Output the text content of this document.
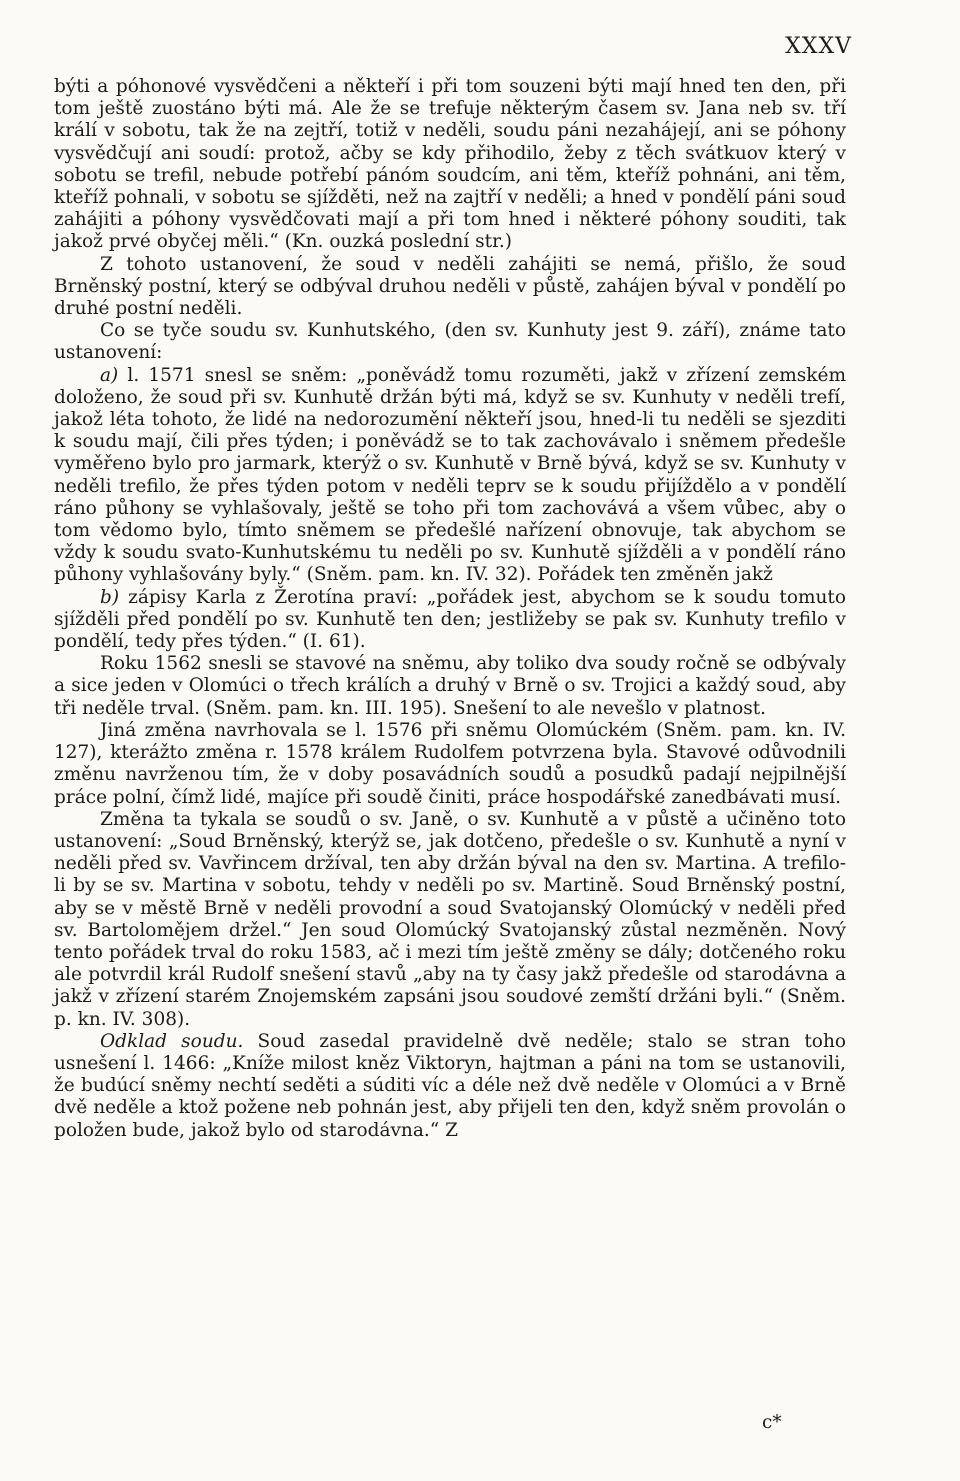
XXXV

býti a póhonové vysvědčeni a někteří i při tom souzeni býti mají hned ten den, při tom ještě zuostáno býti má. Ale že se trefuje některým časem sv. Jana neb sv. tří králí v sobotu, tak že na zejtří, totiž v neděli, soudu páni nezahájejí, ani se póhony vysvědčují ani soudí: protož, ačby se kdy přihodilo, žeby z těch svátkuov který v sobotu se trefil, nebude potřebí pánóm soudcím, ani těm, kteříž pohnáni, ani těm, kteříž pohnali, v sobotu se sjížděti, než na zajtří v neděli; a hned v pondělí páni soud zahájiti a póhony vysvědčovati mají a při tom hned i některé póhony souditi, tak jakož prvé obyčej měli.“ (Kn. ouzká poslední str.)

Z tohoto ustanovení, že soud v neděli zahájiti se nemá, přišlo, že soud Brněnský postní, který se odbýval druhou neděli v půstě, zahájen býval v pondělí po druhé postní neděli.

Co se tyče soudu sv. Kunhutského, (den sv. Kunhuty jest 9. září), známe tato ustanovení:

a) l. 1571 snesl se sněm: „poněvádž tomu rozuměti, jakž v zřízení zemském doloženo, že soud při sv. Kunhutě držán býti má, když se sv. Kunhuty v neděli trefí, jakož léta tohoto, že lidé na nedorozumění někteří jsou, hned-li tu neděli se sjezditi k soudu mají, čili přes týden; i poněvádž se to tak zachovávalo i sněmem předešle vyměřeno bylo pro jarmark, kterýž o sv. Kunhutě v Brně bývá, když se sv. Kunhuty v neděli trefilo, že přes týden potom v neděli teprv se k soudu přijíždělo a v pondělí ráno půhony se vyhlašovaly, ještě se toho při tom zachovává a všem vůbec, aby o tom vědomo bylo, tímto sněmem se předešlé nařízení obnovuje, tak abychom se vždy k soudu svato-Kunhutskému tu neděli po sv. Kunhutě sjížděli a v pondělí ráno půhony vyhlašovány byly.“ (Sněm. pam. kn. IV. 32). Pořádek ten změněn jakž

b) zápisy Karla z Žerotína praví: „pořádek jest, abychom se k soudu tomuto sjížděli před pondělí po sv. Kunhutě ten den; jestližeby se pak sv. Kunhuty trefilo v pondělí, tedy přes týden.“ (I. 61).

Roku 1562 snesli se stavové na sněmu, aby toliko dva soudy ročně se odbývaly a sice jeden v Olomúci o třech králích a druhý v Brně o sv. Trojici a každý soud, aby tři neděle trval. (Sněm. pam. kn. III. 195). Snešení to ale nevešlo v platnost.

Jiná změna navrhovala se l. 1576 při sněmu Olomúckém (Sněm. pam. kn. IV. 127), kterážto změna r. 1578 králem Rudolfem potvrzena byla. Stavové odůvodnili změnu navrženou tím, že v doby posavádních soudů a posudků padají nejpilnější práce polní, čímž lidé, majíce při soudě činiti, práce hospodářské zanedbávati musí.

Změna ta tykala se soudů o sv. Janě, o sv. Kunhutě a v půstě a učiněno toto ustanovení: „Soud Brněnský, kterýž se, jak dotčeno, předešle o sv. Kunhutě a nyní v neděli před sv. Vavřincem držíval, ten aby držán býval na den sv. Martina. A trefilo-li by se sv. Martina v sobotu, tehdy v neděli po sv. Martině. Soud Brněnský postní, aby se v městě Brně v neděli provodní a soud Svatojanský Olomúcký v neděli před sv. Bartolomějem držel.“ Jen soud Olomúcký Svatojanský zůstal nezměněn. Nový tento pořádek trval do roku 1583, ač i mezi tím ještě změny se dály; dotčeného roku ale potvrdil král Rudolf snešení stavů „aby na ty časy jakž předešle od starodávna a jakž v zřízení starém Znojemském zapsáni jsou soudové zemští držáni byli.“ (Sněm. p. kn. IV. 308).

Odklad soudu. Soud zasedal pravidelně dvě neděle; stalo se stran toho usnešení l. 1466: „Kníže milost kněz Viktoryn, hajtman a páni na tom se ustanovili, že budúcí sněmy nechtí seděti a súditi víc a déle než dvě neděle v Olomúci a v Brně dvě neděle a ktož požene neb pohnán jest, aby přijeli ten den, když sněm provolán o položen bude, jakož bylo od starodávna.“ Z

c*
